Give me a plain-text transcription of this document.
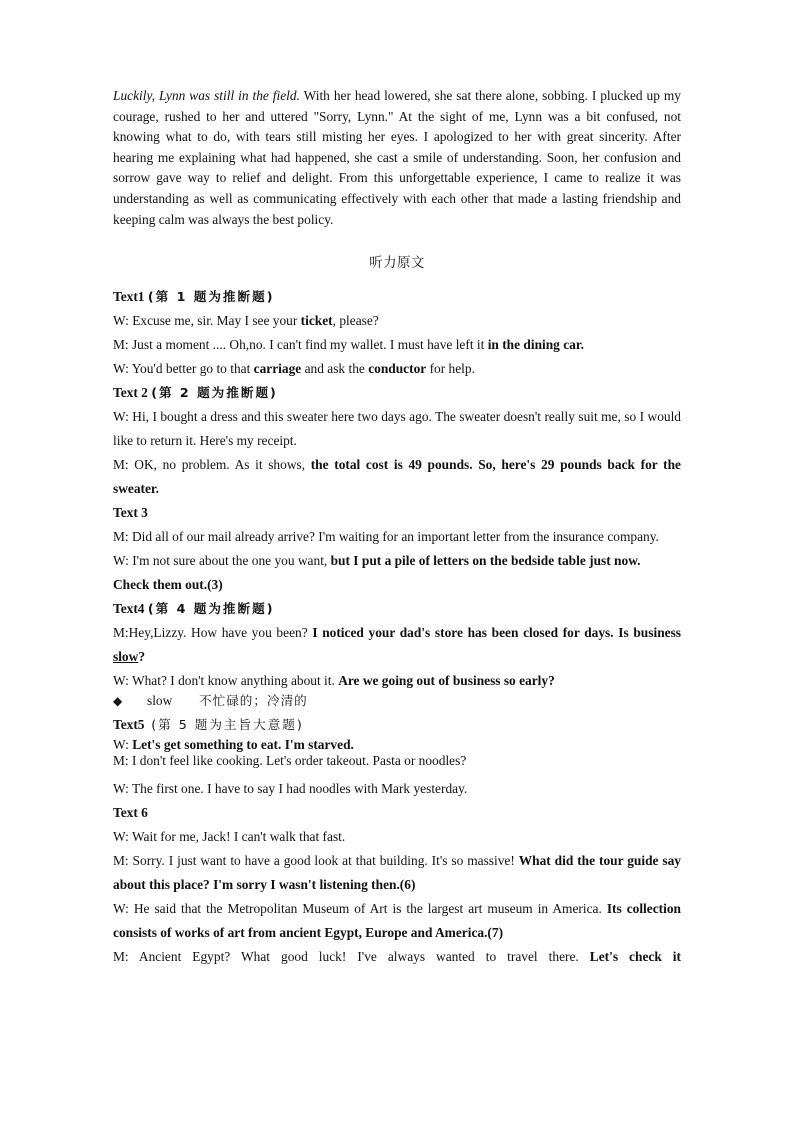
Luckily, Lynn was still in the field. With her head lowered, she sat there alone, sobbing. I plucked up my courage, rushed to her and uttered "Sorry, Lynn." At the sight of me, Lynn was a bit confused, not knowing what to do, with tears still misting her eyes. I apologized to her with great sincerity. After hearing me explaining what had happened, she cast a smile of understanding. Soon, her confusion and sorrow gave way to relief and delight. From this unforgettable experience, I came to realize it was understanding as well as communicating effectively with each other that made a lasting friendship and keeping calm was always the best policy.

听力原文

Text1 (第 1 题为推断题)

W: Excuse me, sir. May I see your ticket, please?

M: Just a moment .... Oh,no. I can't find my wallet. I must have left it in the dining car.

W: You'd better go to that carriage and ask the conductor for help.

Text 2 (第 2 题为推断题)

W: Hi, I bought a dress and this sweater here two days ago. The sweater doesn't really suit me, so I would like to return it. Here's my receipt.

M: OK, no problem. As it shows, the total cost is 49 pounds. So, here's 29 pounds back for the sweater.

Text 3

M: Did all of our mail already arrive? I'm waiting for an important letter from the insurance company.

W: I'm not sure about the one you want, but I put a pile of letters on the bedside table just now.

Check them out.(3)

Text4 (第 4 题为推断题)

M:Hey,Lizzy. How have you been? I noticed your dad's store has been closed for days. Is business slow?

W: What? I don't know anything about it. Are we going out of business so early?

◆	slow	不忙碌的；冷清的

Text5 (第 5 题为主旨大意题)

W: Let's get something to eat. I'm starved.

M: I don't feel like cooking. Let's order takeout. Pasta or noodles?

W: The first one. I have to say I had noodles with Mark yesterday.

Text 6

W: Wait for me, Jack! I can't walk that fast.

M: Sorry. I just want to have a good look at that building. It's so massive! What did the tour guide say about this place? I'm sorry I wasn't listening then.(6)

W: He said that the Metropolitan Museum of Art is the largest art museum in America. Its collection consists of works of art from ancient Egypt, Europe and America.(7)

M: Ancient Egypt? What good luck! I've always wanted to travel there. Let's check it
